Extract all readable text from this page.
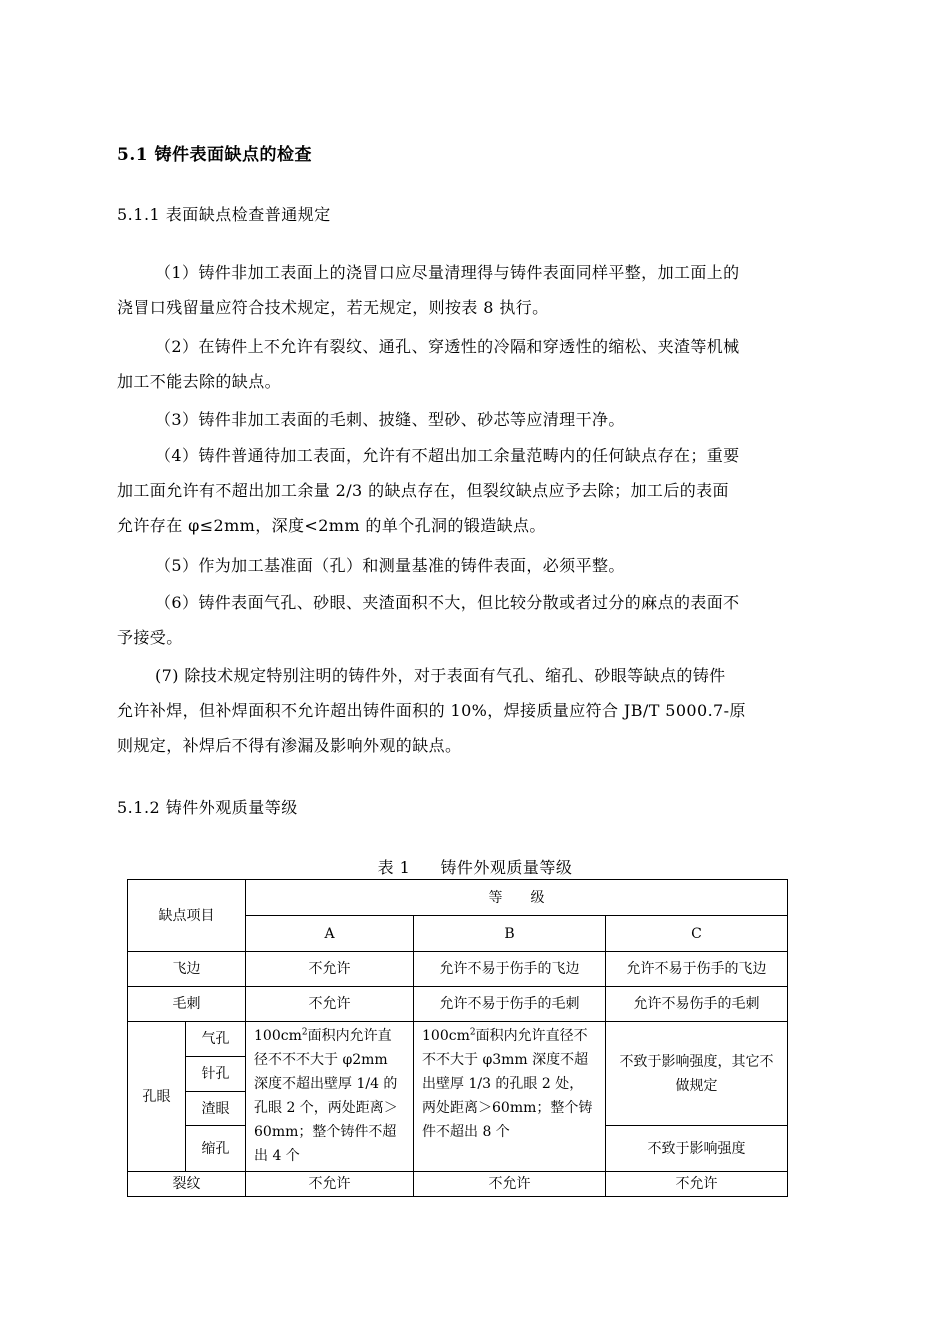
5.1 铸件表面缺点的检查
5.1.1 表面缺点检查普通规定
（1）铸件非加工表面上的浇冒口应尽量清理得与铸件表面同样平整，加工面上的
浇冒口残留量应符合技术规定，若无规定，则按表 8 执行。
（2）在铸件上不允许有裂纹、通孔、穿透性的冷隔和穿透性的缩松、夹渣等机械
加工不能去除的缺点。
（3）铸件非加工表面的毛刺、披缝、型砂、砂芯等应清理干净。
（4）铸件普通待加工表面，允许有不超出加工余量范畴内的任何缺点存在；重要
加工面允许有不超出加工余量 2/3 的缺点存在，但裂纹缺点应予去除；加工后的表面
允许存在 φ≤2mm，深度<2mm 的单个孔洞的锻造缺点。
（5）作为加工基准面（孔）和测量基准的铸件表面，必须平整。
（6）铸件表面气孔、砂眼、夹渣面积不大，但比较分散或者过分的麻点的表面不
予接受。
(7) 除技术规定特别注明的铸件外，对于表面有气孔、缩孔、砂眼等缺点的铸件
允许补焊，但补焊面积不允许超出铸件面积的 10%，焊接质量应符合 JB/T 5000.7-原
则规定，补焊后不得有渗漏及影响外观的缺点。
5.1.2 铸件外观质量等级
表 1 铸件外观质量等级
缺点项目		等　　级		
		A	B	C
飞边		不允许	允许不易于伤手的飞边	允许不易于伤手的飞边
毛刺		不允许	允许不易于伤手的毛刺	允许不易伤手的毛刺
孔眼	气孔	$100cm^2$面积内允许直径不不不大于 φ2mm 深度不超出壁厚 1/4 的孔眼 2 个，两处距离＞60mm；整个铸件不超出 4 个	$100cm^2$面积内允许直径不不不大于 φ3mm 深度不超出壁厚 1/3 的孔眼 2 处，两处距离＞60mm；整个铸件不超出 8 个	不致于影响强度，其它不做规定
	针孔			
	渣眼			
	缩孔			不致于影响强度
裂纹		不允许	不允许	不允许
